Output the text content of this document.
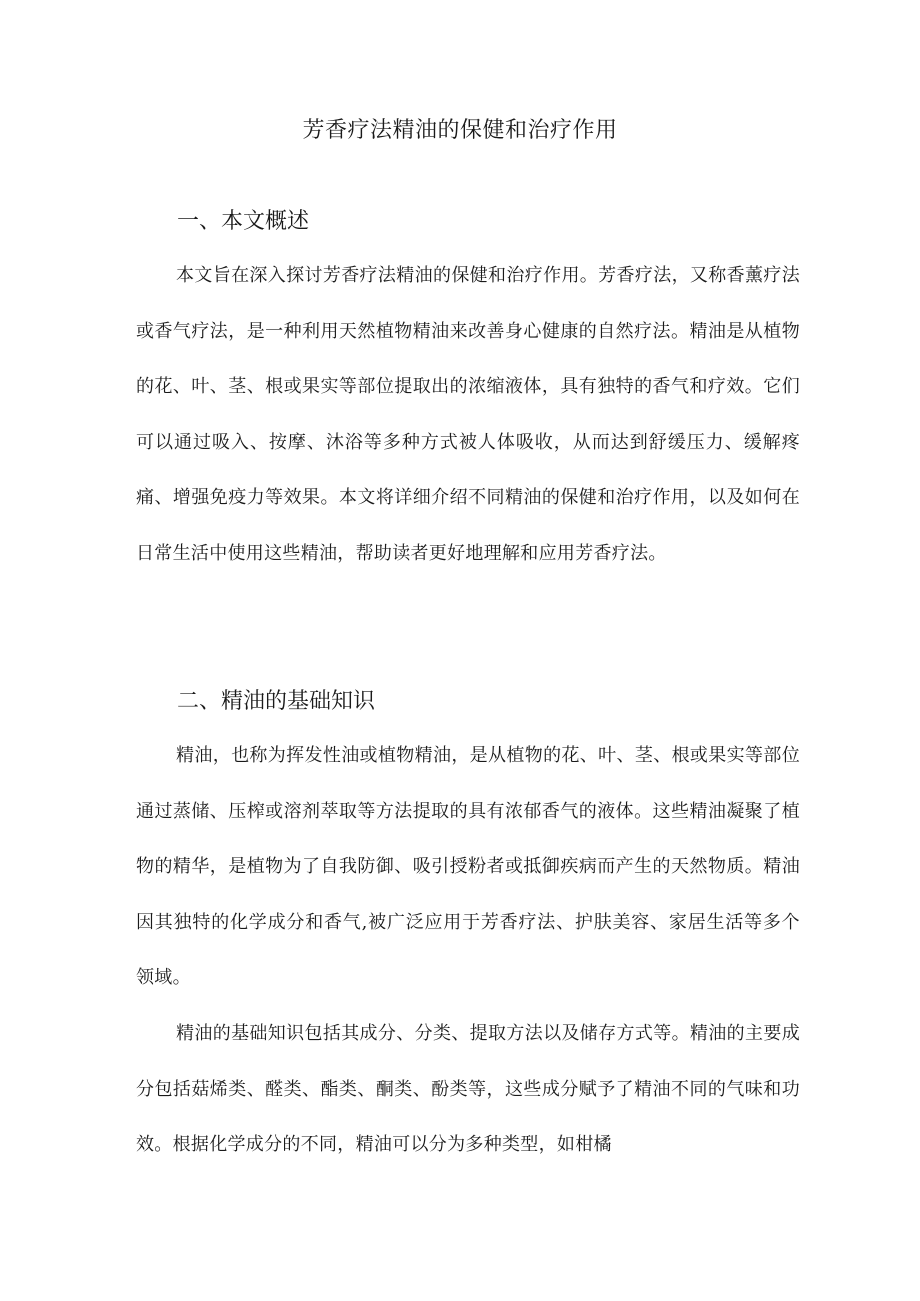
芳香疗法精油的保健和治疗作用
一、本文概述

本文旨在深入探讨芳香疗法精油的保健和治疗作用。芳香疗法，又称香薰疗法或香气疗法，是一种利用天然植物精油来改善身心健康的自然疗法。精油是从植物的花、叶、茎、根或果实等部位提取出的浓缩液体，具有独特的香气和疗效。它们可以通过吸入、按摩、沐浴等多种方式被人体吸收，从而达到舒缓压力、缓解疼痛、增强免疫力等效果。本文将详细介绍不同精油的保健和治疗作用，以及如何在日常生活中使用这些精油，帮助读者更好地理解和应用芳香疗法。

二、精油的基础知识

精油，也称为挥发性油或植物精油，是从植物的花、叶、茎、根或果实等部位通过蒸储、压榨或溶剂萃取等方法提取的具有浓郁香气的液体。这些精油凝聚了植物的精华，是植物为了自我防御、吸引授粉者或抵御疾病而产生的天然物质。精油因其独特的化学成分和香气,被广泛应用于芳香疗法、护肤美容、家居生活等多个领域。

精油的基础知识包括其成分、分类、提取方法以及储存方式等。精油的主要成分包括菇烯类、醛类、酯类、酮类、酚类等，这些成分赋予了精油不同的气味和功效。根据化学成分的不同，精油可以分为多种类型，如柑橘
